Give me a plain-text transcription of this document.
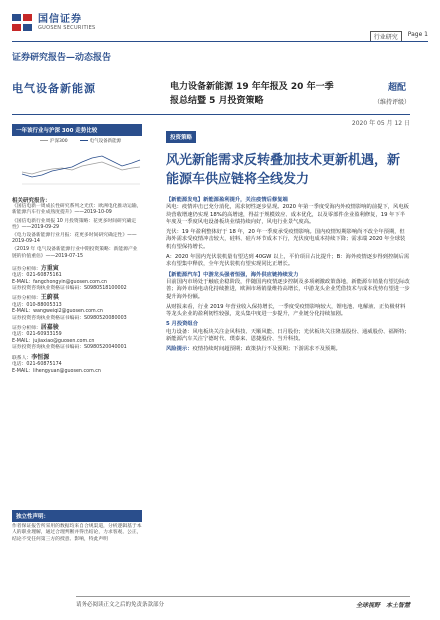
国信证券
GUOSEN SECURITIES
行业研究	Page 1
证券研究报告—动态报告
电气设备新能源	电力设备新能源 19 年年报及 20 年一季报总结暨 5 月投资策略
超配
（维持评级）
2020 年 05 月 12 日
一年该行业与沪深 300 走势比较
沪深300	电气设备新能源
相关研究报告：
《国信电新一周成长性研究系列之光伏：欧洲电化推动运输，新能源汽车行业成熟度提升》——2019-10-09
《国信电新行业周报 10 月投资策略：花更多时间研究确定性》——2019-09-29
《电力设备新能源行业月报：花更多时间研究确定性》——2019-09-14
《2019 年 电气设备新能源行业中期投资策略：新能源产业链的价值重估》——2019-07-15
证券分析师：方重寅
电话：021-60875161
E-MAIL：fangchongyin@guosen.com.cn
证券投资咨询执业资格证书编码：S0980518100002
证券分析师：王蔚祺
电话：010-88005313
E-MAIL：wangweiqi2@guosen.com.cn
证券投资咨询执业资格证书编码：S0980520080003
证券分析师：居嘉骏
电话：021-60933159
E-MAIL：jujiaxiao@guosen.com.cn
证券投资咨询执业资格证书编码：S0980520040001
联系人：李恒源
电话：021-60875174
E-MAIL：lihengyuan@guosen.com.cn
独立性声明：
作者保证报告所采用的数据均来自合规渠道，分析逻辑基于本人的职业理解，通过合理判断并得出结论，力求客观、公正，结论不受任何第三方的授意、影响，特此声明
投资策略
风光新能需求反转叠加技术更新机遇，新能源车供应链将全线发力

【新能源发电】新能源盈利提升，关注疫情后修复端
风电：疫情冲击已充分消化，需求韧性逐步显现。2020 年第一季度受海内外疫情影响的前提下，风电板块营收增速仍实现 18%的高增速，得益于规模效应、成本优化，以及零部件企业盈利修复，19 年下半年度及一季度风电设备板块业绩持续向好，风电行业景气度高。

光伏：19 年盈利整体好于 18 年，20 年一季度承受疫情影响。国内疫情短期影响尚不改全年预期，但海外需求受疫情冲击较大，硅料、硅片环节成本下行，光伏度电成本持续下降；需求端 2020 年全球装机有望保持增长。

A：2020 年国内光伏装机量有望达到 40GW 以上，平价项目占比提升；B：海外疫情逐步得到控制后需求有望集中释放，全年光伏装机有望实现同比正增长。

【新能源汽车】中游龙头强者恒强，海外供应链持续发力
目前国内市场处于触底企稳阶段，伴随国内疫情逐步控制及多项刺激政策落地，新能源车销量有望边际改善；海外市场电动化持续推进，欧洲市场销量维持高增长，中游龙头企业凭借技术与成本优势有望进一步提升海外份额。

从财报来看，行业 2019 年营业收入保持增长，一季度受疫情影响较大，锂电池、电解液、正负极材料等龙头企业的盈利韧性较强，龙头集中度进一步提升，产业链分化持续加剧。

5 月投资组合
电力设备：风电板块关注金风科技、天顺风能、日月股份；光伏板块关注隆基股份、通威股份、福斯特；新能源汽车关注宁德时代、璞泰来、恩捷股份、当升科技。

风险提示：疫情持续时间超预期；政策执行不及预期；下游需求不及预期。

请务必阅读正文之后的免责条款部分	全球视野　本土智慧
